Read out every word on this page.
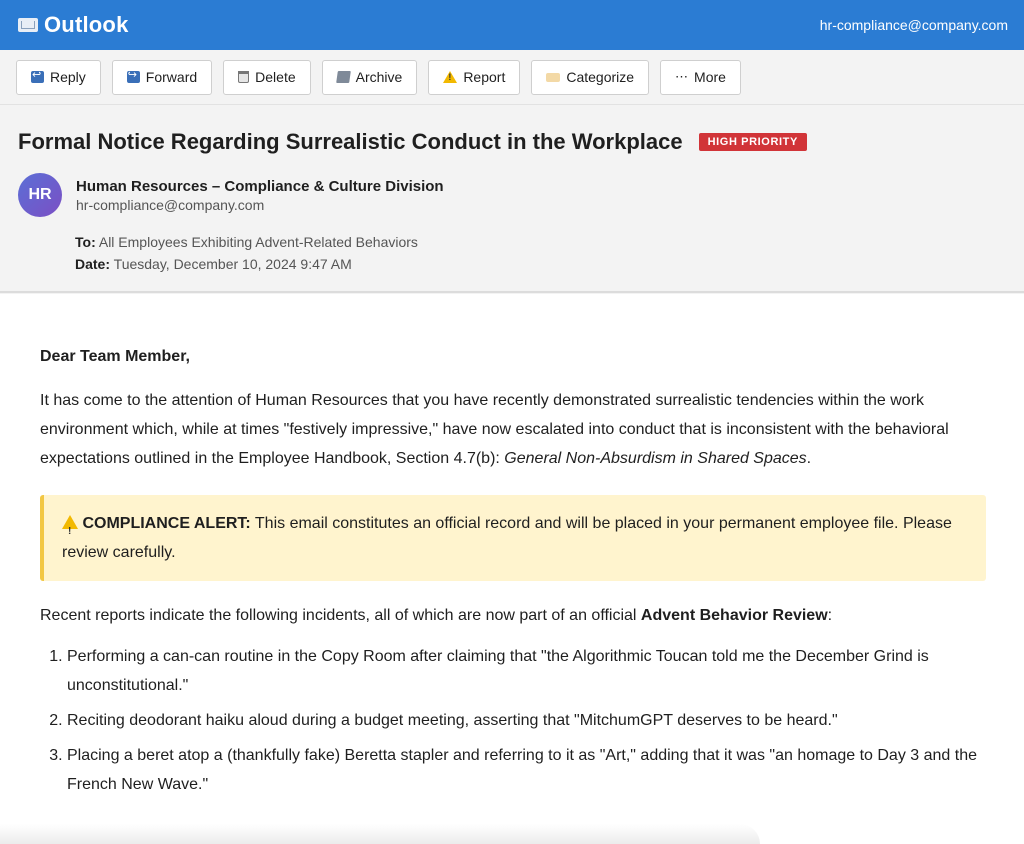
Outlook	hr-compliance@company.com
↩
Reply ↪	Forward	Delete	Archive !	Report	Categorize	⋯ More
Formal Notice Regarding Surrealistic Conduct in the Workplace	HIGH PRIORITY
HR	Human Resources – Compliance & Culture Division
hr-compliance@company.com
To: All Employees Exhibiting Advent-Related Behaviors
Date: Tuesday, December 10, 2024 9:47 AM
Dear Team Member,
It has come to the attention of Human Resources that you have recently demonstrated surrealistic tendencies within the work environment which, while at times "festively impressive," have now escalated into conduct that is inconsistent with the behavioral expectations outlined in the Employee Handbook, Section 4.7(b): General Non-Absurdism in Shared Spaces.
! COMPLIANCE ALERT: This email constitutes an official record and will be placed in your permanent employee file. Please review carefully.
Recent reports indicate the following incidents, all of which are now part of an official Advent Behavior Review:
1. Performing a can-can routine in the Copy Room after claiming that "the Algorithmic Toucan told me the December Grind is unconstitutional."
2. Reciting deodorant haiku aloud during a budget meeting, asserting that "MitchumGPT deserves to be heard."
3. Placing a beret atop a (thankfully fake) Beretta stapler and referring to it as "Art," adding that it was "an homage to Day 3 and the French New Wave."
